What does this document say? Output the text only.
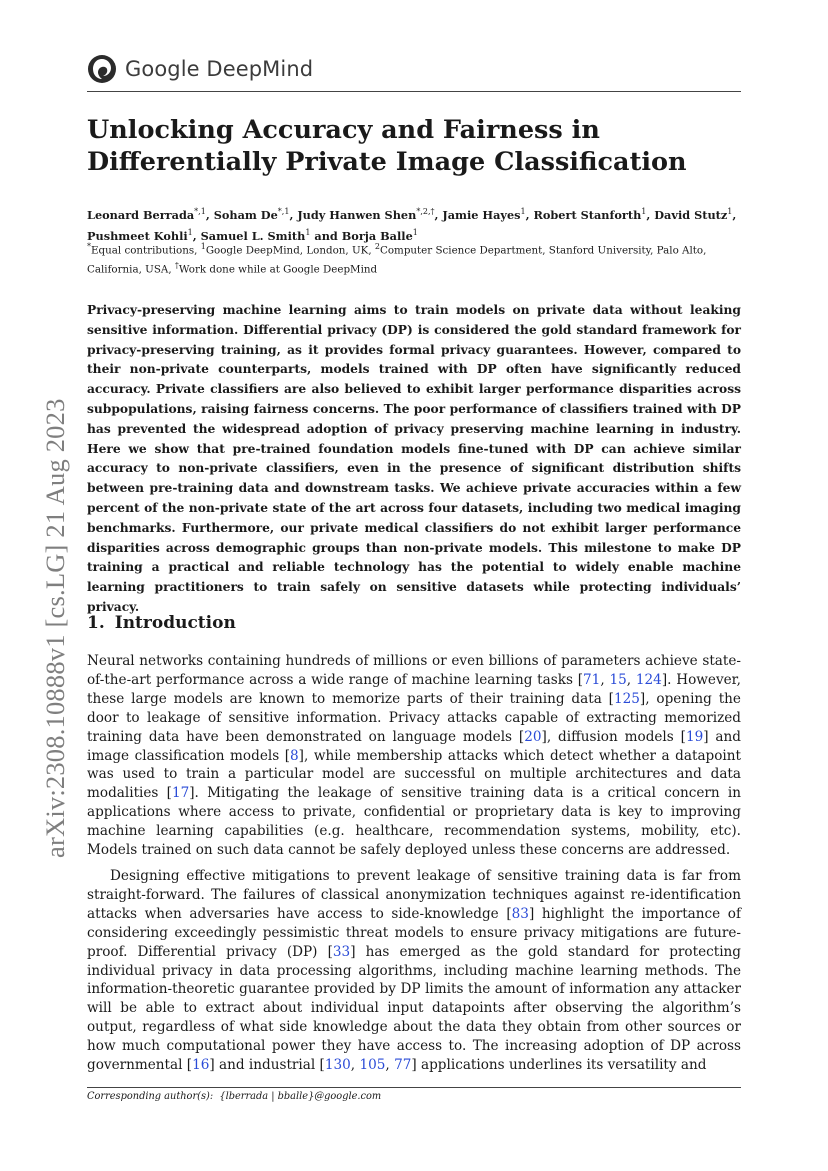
Google DeepMind
arXiv:2308.10888v1 [cs.LG] 21 Aug 2023
Unlocking Accuracy and Fairness in
Differentially Private Image Classification
Leonard Berrada$^{*,1}$, Soham $De^{*,1}$, Judy Hanwen Shen$^{*,2,\dagger}$, Jamie Hayes$^1$, Robert Stanforth$^1$, David Stutz$^1$,
Pushmeet Kohli$^1$, Samuel L. Smith$^1$ and Borja Balle$^1$
*Equal contributions, $^1$Google DeepMind, London, UK, $^2$Computer Science Department, Stanford University, Palo Alto, California, USA, †Work done while at Google DeepMind

Privacy-preserving machine learning aims to train models on private data without leaking sensitive information. Differential privacy (DP) is considered the gold standard framework for privacy-preserving training, as it provides formal privacy guarantees. However, compared to their non-private counterparts, models trained with DP often have significantly reduced accuracy. Private classifiers are also believed to exhibit larger performance disparities across subpopulations, raising fairness concerns. The poor performance of classifiers trained with DP has prevented the widespread adoption of privacy preserving machine learning in industry. Here we show that pre-trained foundation models fine-tuned with DP can achieve similar accuracy to non-private classifiers, even in the presence of significant distribution shifts between pre-training data and downstream tasks. We achieve private accuracies within a few percent of the non-private state of the art across four datasets, including two medical imaging benchmarks. Furthermore, our private medical classifiers do not exhibit larger performance disparities across demographic groups than non-private models. This milestone to make DP training a practical and reliable technology has the potential to widely enable machine learning practitioners to train safely on sensitive datasets while protecting individuals’ privacy.

1. Introduction

Neural networks containing hundreds of millions or even billions of parameters achieve state-of-the-art performance across a wide range of machine learning tasks [71, 15, 124]. However, these large models are known to memorize parts of their training data [125], opening the door to leakage of sensitive information. Privacy attacks capable of extracting memorized training data have been demonstrated on language models [20], diffusion models [19] and image classification models [8], while membership attacks which detect whether a datapoint was used to train a particular model are successful on multiple architectures and data modalities [17]. Mitigating the leakage of sensitive training data is a critical concern in applications where access to private, confidential or proprietary data is key to improving machine learning capabilities (e.g. healthcare, recommendation systems, mobility, etc). Models trained on such data cannot be safely deployed unless these concerns are addressed.

Designing effective mitigations to prevent leakage of sensitive training data is far from straight-forward. The failures of classical anonymization techniques against re-identification attacks when adversaries have access to side-knowledge [83] highlight the importance of considering exceedingly pessimistic threat models to ensure privacy mitigations are future-proof. Differential privacy (DP) [33] has emerged as the gold standard for protecting individual privacy in data processing algorithms, including machine learning methods. The information-theoretic guarantee provided by DP limits the amount of information any attacker will be able to extract about individual input datapoints after observing the algorithm’s output, regardless of what side knowledge about the data they obtain from other sources or how much computational power they have access to. The increasing adoption of DP across governmental [16] and industrial [130, 105, 77] applications underlines its versatility and

Corresponding author(s): {lberrada | bballe}@google.com
